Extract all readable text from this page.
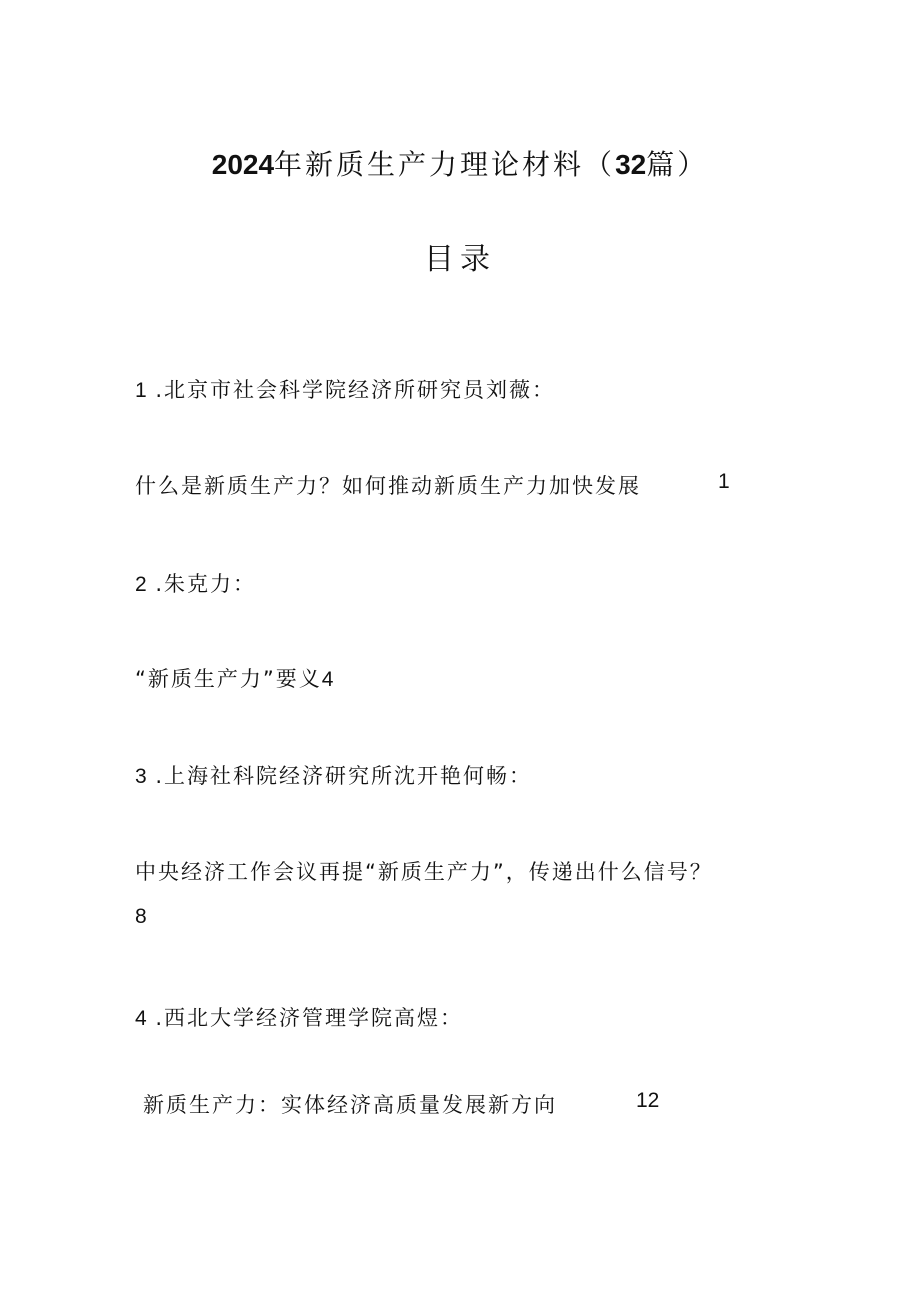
2024年新质生产力理论材料（32篇）
目录
1 .北京市社会科学院经济所研究员刘薇：
什么是新质生产力？如何推动新质生产力加快发展	1
2 .朱克力：
“新质生产力”要义4
3 .上海社科院经济研究所沈开艳何畅：
中央经济工作会议再提“新质生产力”，传递出什么信号？
8
4 .西北大学经济管理学院高煜：
新质生产力：实体经济高质量发展新方向	12
